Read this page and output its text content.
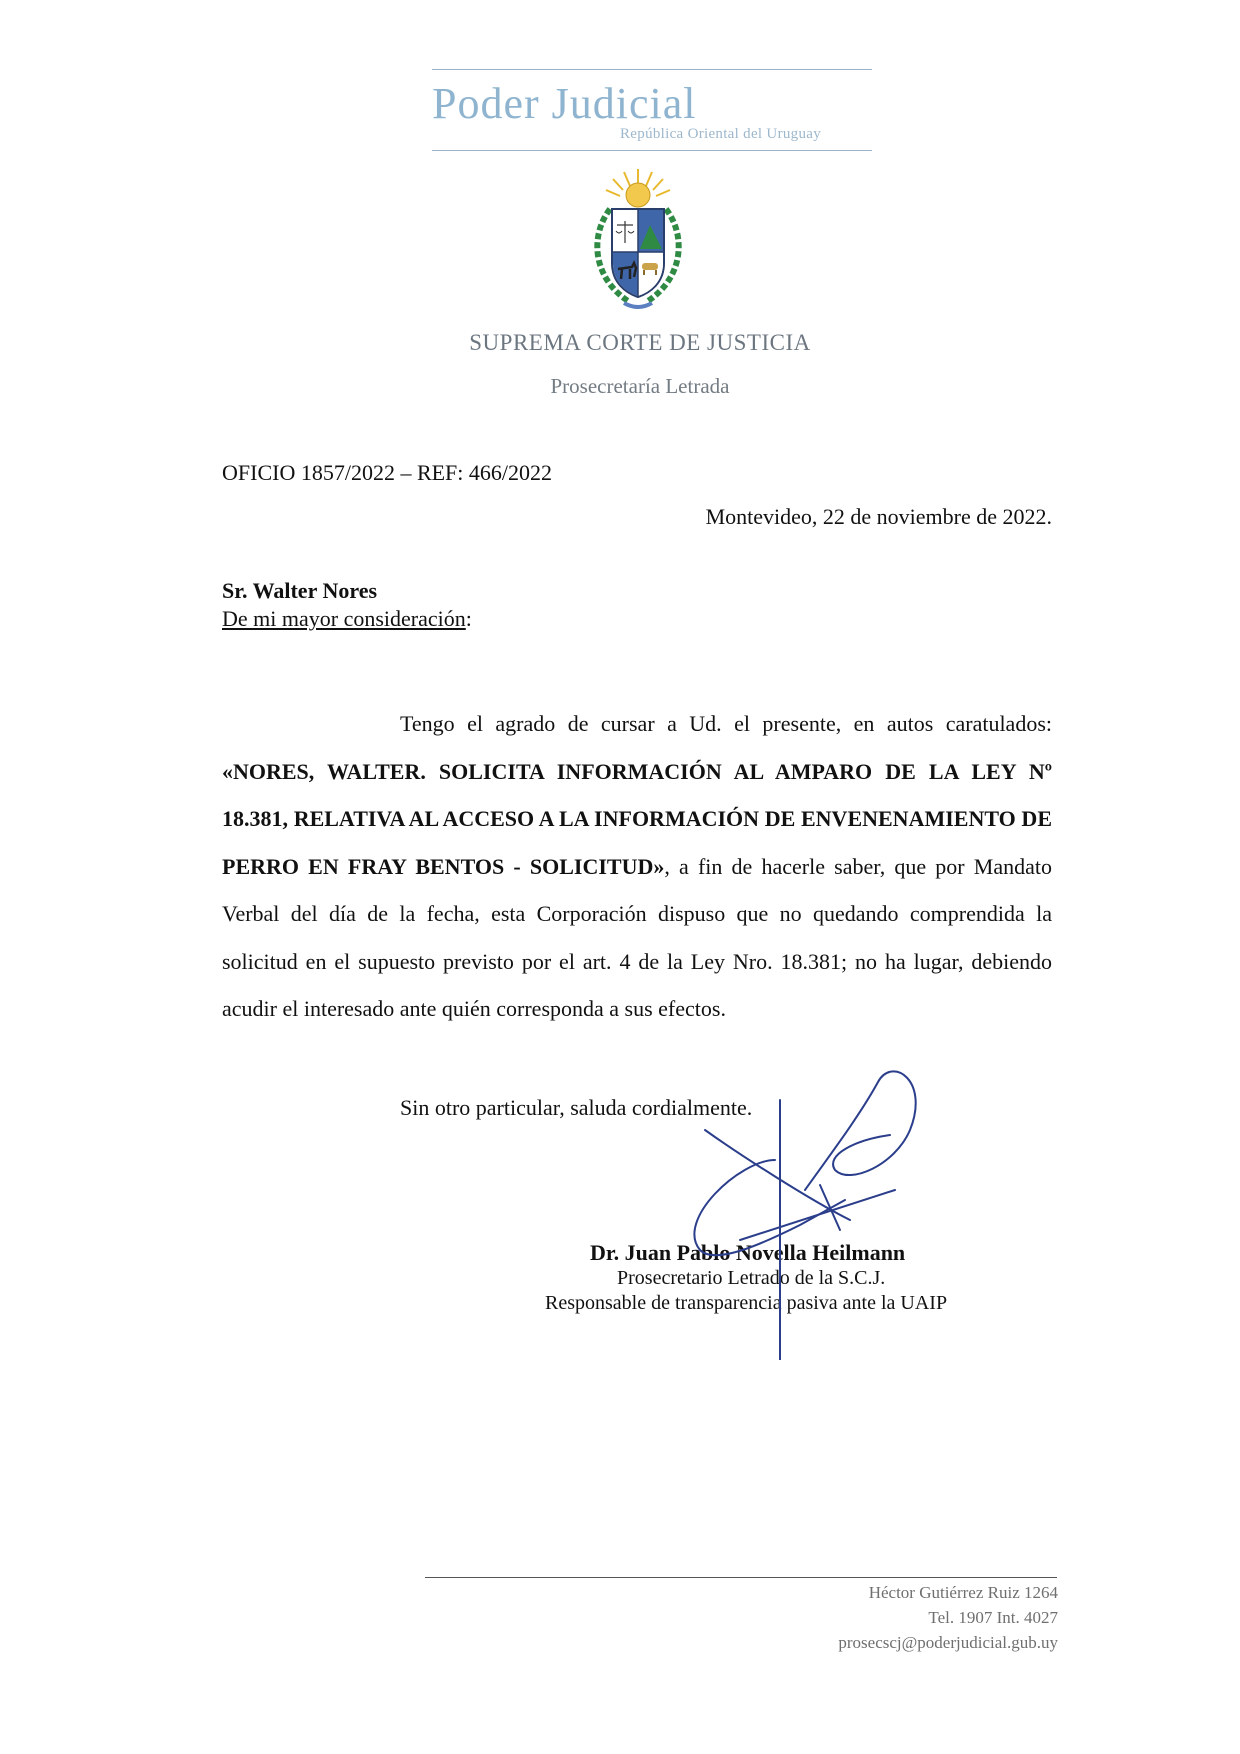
Poder Judicial
República Oriental del Uruguay
SUPREMA CORTE DE JUSTICIA
Prosecretaría Letrada
OFICIO 1857/2022 – REF: 466/2022
Montevideo, 22 de noviembre de 2022.
Sr. Walter Nores
De mi mayor consideración:
Tengo el agrado de cursar a Ud. el presente, en autos caratulados: «NORES, WALTER. SOLICITA INFORMACIÓN AL AMPARO DE LA LEY Nº 18.381, RELATIVA AL ACCESO A LA INFORMACIÓN DE ENVENENAMIENTO DE PERRO EN FRAY BENTOS - SOLICITUD», a fin de hacerle saber, que por Mandato Verbal del día de la fecha, esta Corporación dispuso que no quedando comprendida la solicitud en el supuesto previsto por el art. 4 de la Ley Nro. 18.381; no ha lugar, debiendo acudir el interesado ante quién corresponda a sus efectos.
Sin otro particular, saluda cordialmente.
Dr. Juan Pablo Novella Heilmann
Prosecretario Letrado de la S.C.J.
Responsable de transparencia pasiva ante la UAIP
Héctor Gutiérrez Ruiz 1264
Tel. 1907 Int. 4027
prosecscj@poderjudicial.gub.uy
